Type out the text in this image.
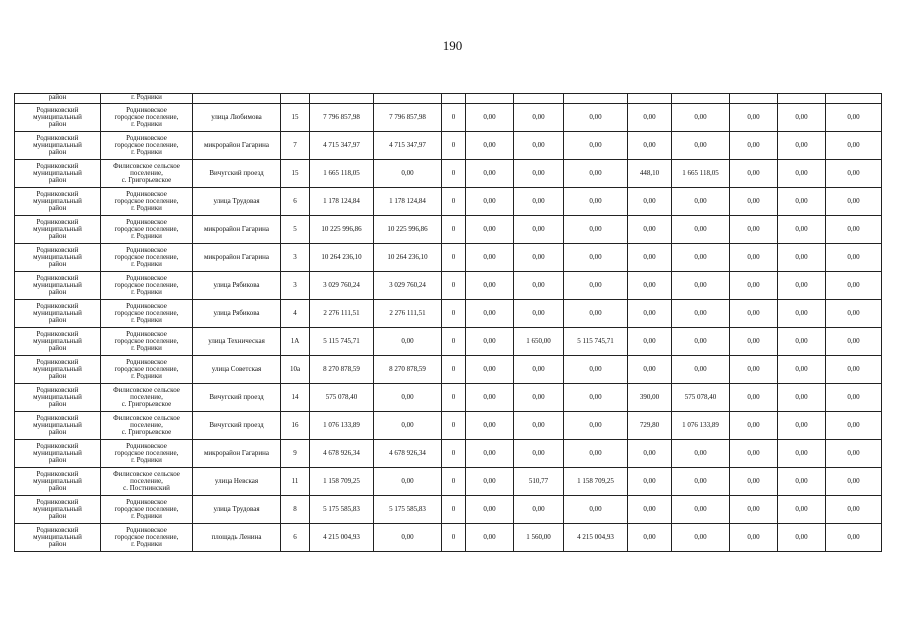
190
район	г. Родники													

Родниковский
муниципальный
район	Родниковское
городское поселение,
г. Родники	улица Любимова	15	7 796 857,98	7 796 857,98	0	0,00	0,00	0,00	0,00	0,00	0,00	0,00	0,00

Родниковский
муниципальный
район	Родниковское
городское поселение,
г. Родники	микрорайон Гагарина	7	4 715 347,97	4 715 347,97	0	0,00	0,00	0,00	0,00	0,00	0,00	0,00	0,00

Родниковский
муниципальный
район	Филисовское сельское
поселение,
с. Григорьевское	Вичугский проезд	15	1 665 118,05	0,00	0	0,00	0,00	0,00	448,10	1 665 118,05	0,00	0,00	0,00

Родниковский
муниципальный
район	Родниковское
городское поселение,
г. Родники	улица Трудовая	6	1 178 124,84	1 178 124,84	0	0,00	0,00	0,00	0,00	0,00	0,00	0,00	0,00

Родниковский
муниципальный
район	Родниковское
городское поселение,
г. Родники	микрорайон Гагарина	5	10 225 996,86	10 225 996,86	0	0,00	0,00	0,00	0,00	0,00	0,00	0,00	0,00

Родниковский
муниципальный
район	Родниковское
городское поселение,
г. Родники	микрорайон Гагарина	3	10 264 236,10	10 264 236,10	0	0,00	0,00	0,00	0,00	0,00	0,00	0,00	0,00

Родниковский
муниципальный
район	Родниковское
городское поселение,
г. Родники	улица Рябикова	3	3 029 760,24	3 029 760,24	0	0,00	0,00	0,00	0,00	0,00	0,00	0,00	0,00

Родниковский
муниципальный
район	Родниковское
городское поселение,
г. Родники	улица Рябикова	4	2 276 111,51	2 276 111,51	0	0,00	0,00	0,00	0,00	0,00	0,00	0,00	0,00

Родниковский
муниципальный
район	Родниковское
городское поселение,
г. Родники	улица Техническая	1А	5 115 745,71	0,00	0	0,00	1 650,00	5 115 745,71	0,00	0,00	0,00	0,00	0,00

Родниковский
муниципальный
район	Родниковское
городское поселение,
г. Родники	улица Советская	10а	8 270 878,59	8 270 878,59	0	0,00	0,00	0,00	0,00	0,00	0,00	0,00	0,00

Родниковский
муниципальный
район	Филисовское сельское
поселение,
с. Григорьевское	Вичугский проезд	14	575 078,40	0,00	0	0,00	0,00	0,00	390,00	575 078,40	0,00	0,00	0,00

Родниковский
муниципальный
район	Филисовское сельское
поселение,
с. Григорьевское	Вичугский проезд	16	1 076 133,89	0,00	0	0,00	0,00	0,00	729,80	1 076 133,89	0,00	0,00	0,00

Родниковский
муниципальный
район	Родниковское
городское поселение,
г. Родники	микрорайон Гагарина	9	4 678 926,34	4 678 926,34	0	0,00	0,00	0,00	0,00	0,00	0,00	0,00	0,00

Родниковский
муниципальный
район	Филисовское сельское
поселение,
с. Постнинский	улица Невская	11	1 158 709,25	0,00	0	0,00	510,77	1 158 709,25	0,00	0,00	0,00	0,00	0,00

Родниковский
муниципальный
район	Родниковское
городское поселение,
г. Родники	улица Трудовая	8	5 175 585,83	5 175 585,83	0	0,00	0,00	0,00	0,00	0,00	0,00	0,00	0,00

Родниковский
муниципальный
район	Родниковское
городское поселение,
г. Родники	площадь Ленина	6	4 215 004,93	0,00	0	0,00	1 560,00	4 215 004,93	0,00	0,00	0,00	0,00	0,00
